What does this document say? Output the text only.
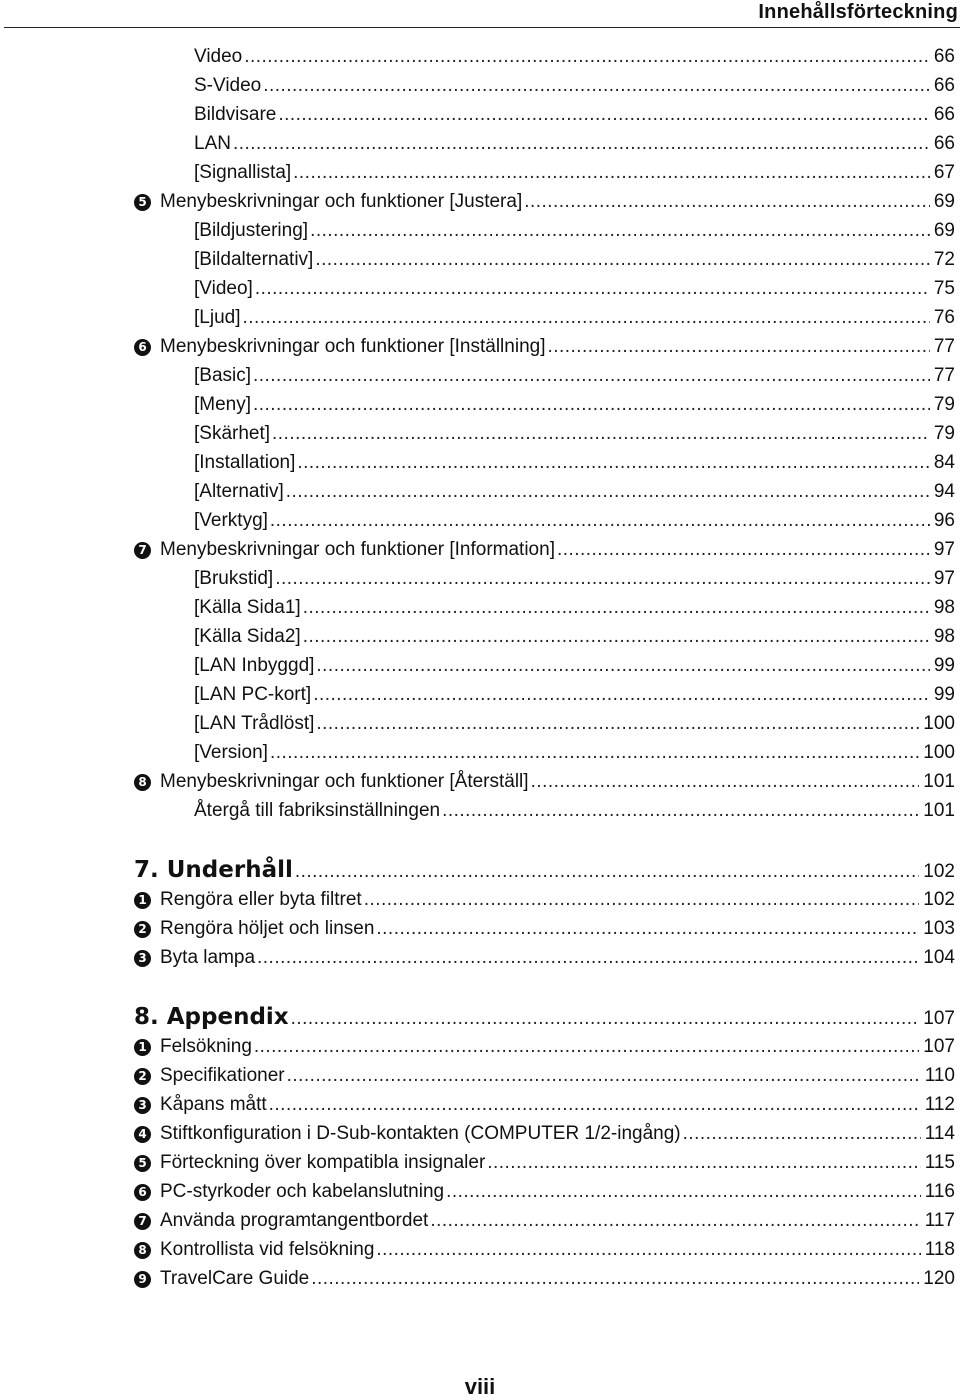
Innehållsförteckning
Video . . .	66
S-Video . . .	66
Bildvisare . . .	66
LAN . . .	66
[Signallista] . . .	67
5 Menybeskrivningar och funktioner [Justera] . . .	69
[Bildjustering] . . .	69
[Bildalternativ] . . .	72
[Video] . . .	75
[Ljud] . . .	76
6 Menybeskrivningar och funktioner [Inställning] . . .	77
[Basic] . . .	77
[Meny] . . .	79
[Skärhet] . . .	79
[Installation] . . .	84
[Alternativ] . . .	94
[Verktyg] . . .	96
7 Menybeskrivningar och funktioner [Information] . . .	97
[Brukstid] . . .	97
[Källa Sida1] . . .	98
[Källa Sida2] . . .	98
[LAN Inbyggd] . . .	99
[LAN PC-kort] . . .	99
[LAN Trådlöst] . . .	100
[Version] . . .	100
8 Menybeskrivningar och funktioner [Återställ] . . .	101
Återgå till fabriksinställningen . . .	101
7. Underhåll . . .	102
1 Rengöra eller byta filtret . . .	102
2 Rengöra höljet och linsen . . .	103
3 Byta lampa . . .	104
8. Appendix . . .	107
1 Felsökning . . .	107
2 Specifikationer . . .	110
3 Kåpans mått . . .	112
4 Stiftkonfiguration i D-Sub-kontakten (COMPUTER 1/2-ingång) . . .	114
5 Förteckning över kompatibla insignaler . . .	115
6 PC-styrkoder och kabelanslutning . . .	116
7 Använda programtangentbordet . . .	117
8 Kontrollista vid felsökning . . .	118
9 TravelCare Guide . . .	120
viii
